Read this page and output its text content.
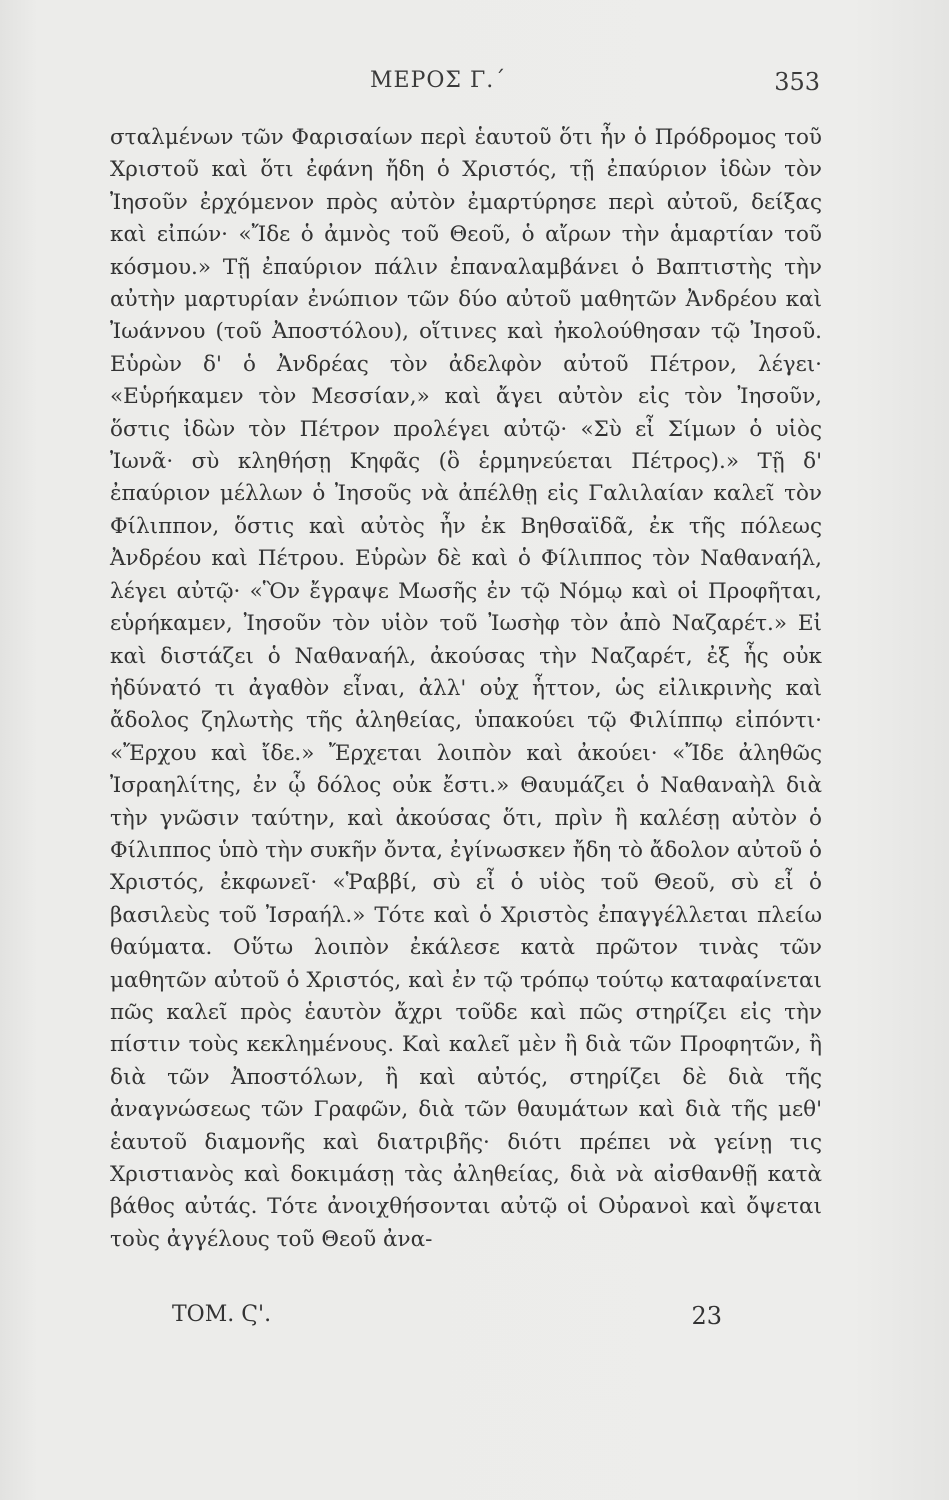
ΜΕΡΟΣ Γ.΄	353

σταλμένων τῶν Φαρισαίων περὶ ἑαυτοῦ ὅτι ἦν ὁ Πρόδρομος τοῦ Χριστοῦ καὶ ὅτι ἐφάνη ἤδη ὁ Χριστός, τῇ ἐπαύριον ἰδὼν τὸν Ἰησοῦν ἐρχόμενον πρὸς αὐτὸν ἐμαρτύρησε περὶ αὐτοῦ, δείξας καὶ εἰπών· «Ἴδε ὁ ἀμνὸς τοῦ Θεοῦ, ὁ αἴρων τὴν ἁμαρτίαν τοῦ κόσμου.» Τῇ ἐπαύριον πάλιν ἐπαναλαμβάνει ὁ Βαπτιστὴς τὴν αὐτὴν μαρτυρίαν ἐνώπιον τῶν δύο αὐτοῦ μαθητῶν Ἀνδρέου καὶ Ἰωάννου (τοῦ Ἀποστόλου), οἵτινες καὶ ἠκολούθησαν τῷ Ἰησοῦ. Εὑρὼν δ' ὁ Ἀνδρέας τὸν ἀδελφὸν αὐτοῦ Πέτρον, λέγει· «Εὑρήκαμεν τὸν Μεσσίαν,» καὶ ἄγει αὐτὸν εἰς τὸν Ἰησοῦν, ὅστις ἰδὼν τὸν Πέτρον προλέγει αὐτῷ· «Σὺ εἶ Σίμων ὁ υἱὸς Ἰωνᾶ· σὺ κληθήσῃ Κηφᾶς (ὃ ἑρμηνεύεται Πέτρος).» Τῇ δ' ἐπαύριον μέλλων ὁ Ἰησοῦς νὰ ἀπέλθῃ εἰς Γαλιλαίαν καλεῖ τὸν Φίλιππον, ὅστις καὶ αὐτὸς ἦν ἐκ Βηθσαϊδᾶ, ἐκ τῆς πόλεως Ἀνδρέου καὶ Πέτρου. Εὑρὼν δὲ καὶ ὁ Φίλιππος τὸν Ναθαναήλ, λέγει αὐτῷ· «Ὃν ἔγραψε Μωσῆς ἐν τῷ Νόμῳ καὶ οἱ Προφῆται, εὑρήκαμεν, Ἰησοῦν τὸν υἱὸν τοῦ Ἰωσὴφ τὸν ἀπὸ Ναζαρέτ.» Εἰ καὶ διστάζει ὁ Ναθαναήλ, ἀκούσας τὴν Ναζαρέτ, ἐξ ἧς οὐκ ἠδύνατό τι ἀγαθὸν εἶναι, ἀλλ' οὐχ ἧττον, ὡς εἰλικρινὴς καὶ ἄδολος ζηλωτὴς τῆς ἀληθείας, ὑπακούει τῷ Φιλίππῳ εἰπόντι· «Ἔρχου καὶ ἴδε.» Ἔρχεται λοιπὸν καὶ ἀκούει· «Ἴδε ἀληθῶς Ἰσραηλίτης, ἐν ᾧ δόλος οὐκ ἔστι.» Θαυμάζει ὁ Ναθαναὴλ διὰ τὴν γνῶσιν ταύτην, καὶ ἀκούσας ὅτι, πρὶν ἢ καλέσῃ αὐτὸν ὁ Φίλιππος ὑπὸ τὴν συκῆν ὄντα, ἐγίνωσκεν ἤδη τὸ ἄδολον αὐτοῦ ὁ Χριστός, ἐκφωνεῖ· «Ῥαββί, σὺ εἶ ὁ υἱὸς τοῦ Θεοῦ, σὺ εἶ ὁ βασιλεὺς τοῦ Ἰσραήλ.» Τότε καὶ ὁ Χριστὸς ἐπαγγέλλεται πλείω θαύματα. Οὕτω λοιπὸν ἐκάλεσε κατὰ πρῶτον τινὰς τῶν μαθητῶν αὐτοῦ ὁ Χριστός, καὶ ἐν τῷ τρόπῳ τούτῳ καταφαίνεται πῶς καλεῖ πρὸς ἑαυτὸν ἄχρι τοῦδε καὶ πῶς στηρίζει εἰς τὴν πίστιν τοὺς κεκλημένους. Καὶ καλεῖ μὲν ἢ διὰ τῶν Προφητῶν, ἢ διὰ τῶν Ἀποστόλων, ἢ καὶ αὐτός, στηρίζει δὲ διὰ τῆς ἀναγνώσεως τῶν Γραφῶν, διὰ τῶν θαυμάτων καὶ διὰ τῆς μεθ' ἑαυτοῦ διαμονῆς καὶ διατριβῆς· διότι πρέπει νὰ γείνῃ τις Χριστιανὸς καὶ δοκιμάσῃ τὰς ἀληθείας, διὰ νὰ αἰσθανθῇ κατὰ βάθος αὐτάς. Τότε ἀνοιχθήσονται αὐτῷ οἱ Οὐρανοὶ καὶ ὄψεται τοὺς ἀγγέλους τοῦ Θεοῦ ἀνα-

ΤΟΜ. Ϛ'.	23
